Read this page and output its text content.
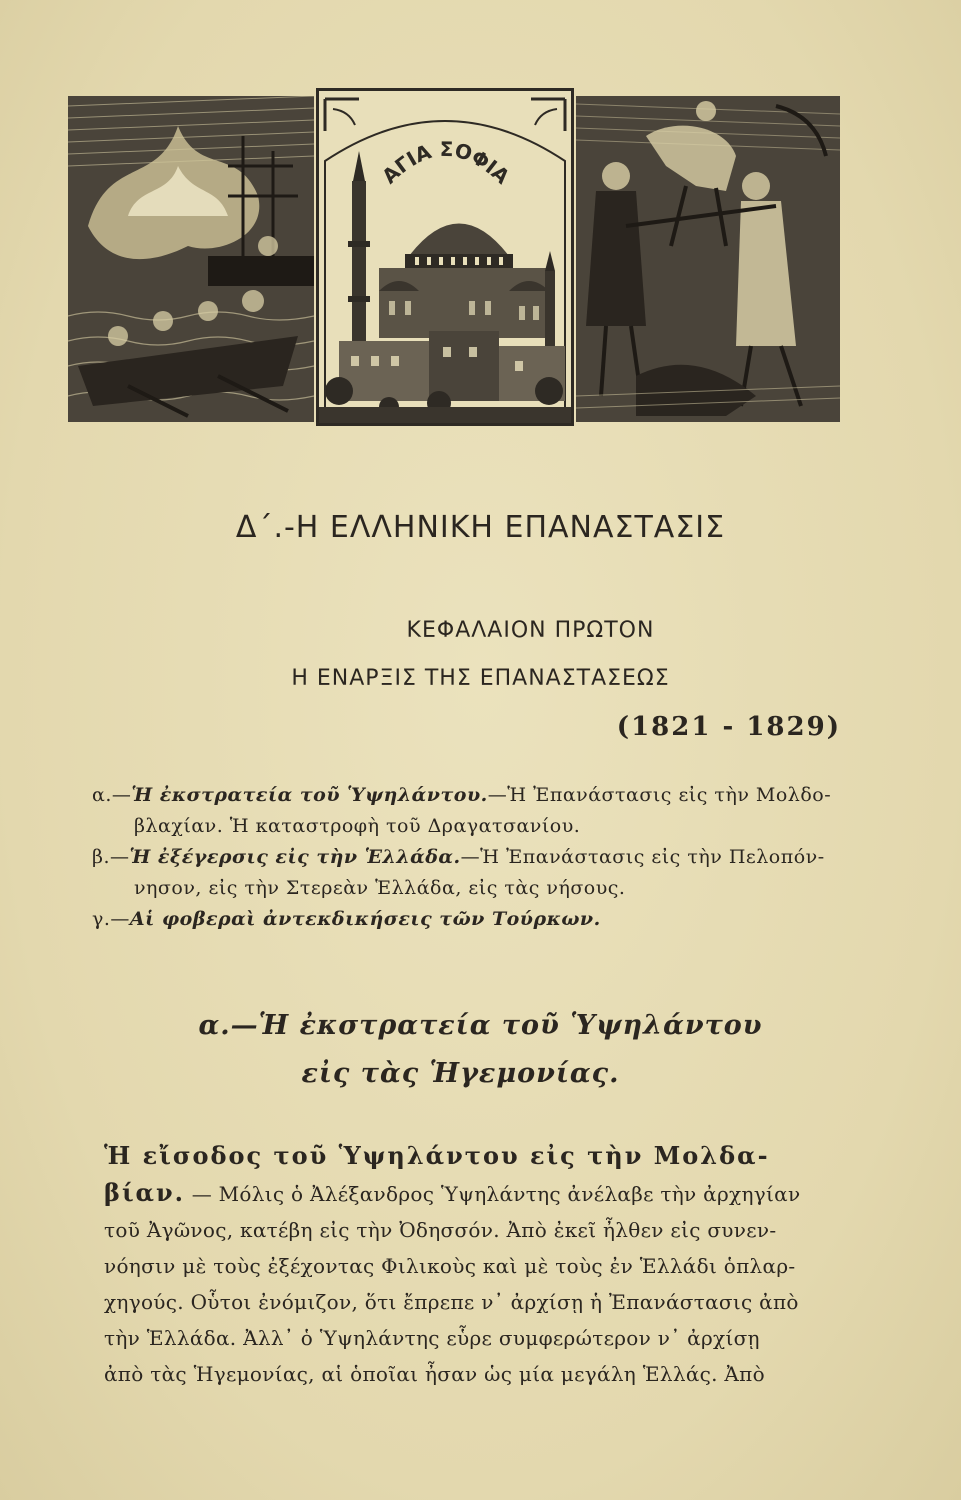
ΑΓΙΑ ΣΟΦΙΑ
Δ΄.-Η ΕΛΛΗΝΙΚΗ ΕΠΑΝΑΣΤΑΣΙΣ
ΚΕΦΑΛΑΙΟΝ ΠΡΩΤΟΝ
Η ΕΝΑΡΞΙΣ ΤΗΣ ΕΠΑΝΑΣΤΑΣΕΩΣ
(1821 - 1829)

α.—Ἡ ἐκστρατεία τοῦ Ὑψηλάντου.—Ἡ Ἐπανάστασις εἰς τὴν Μολδο-

βλαχίαν. Ἡ καταστροφὴ τοῦ Δραγατσανίου.

β.—Ἡ ἐξέγερσις εἰς τὴν Ἑλλάδα.—Ἡ Ἐπανάστασις εἰς τὴν Πελοπόν-

νησον, εἰς τὴν Στερεὰν Ἑλλάδα, εἰς τὰς νήσους.

γ.—Αἱ φοβεραὶ ἀντεκδικήσεις τῶν Τούρκων.

α.—Ἡ ἐκστρατεία τοῦ Ὑψηλάντου
εἰς τὰς Ἡγεμονίας.
Ἡ εἴσοδος τοῦ Ὑψηλάντου εἰς τὴν Μολδα-
βίαν. — Μόλις ὁ Ἀλέξανδρος Ὑψηλάντης ἀνέλαβε τὴν ἀρχηγίαν
τοῦ Ἀγῶνος, κατέβη εἰς τὴν Ὀδησσόν. Ἀπὸ ἐκεῖ ἦλθεν εἰς συνεν-
νόησιν μὲ τοὺς ἐξέχοντας Φιλικοὺς καὶ μὲ τοὺς ἐν Ἑλλάδι ὁπλαρ-
χηγούς. Οὗτοι ἐνόμιζον, ὅτι ἔπρεπε ν᾽ ἀρχίσῃ ἡ Ἐπανάστασις ἀπὸ
τὴν Ἑλλάδα. Ἀλλ᾽ ὁ Ὑψηλάντης εὗρε συμφερώτερον ν᾽ ἀρχίσῃ
ἀπὸ τὰς Ἡγεμονίας, αἱ ὁποῖαι ἦσαν ὡς μία μεγάλη Ἑλλάς. Ἀπὸ
